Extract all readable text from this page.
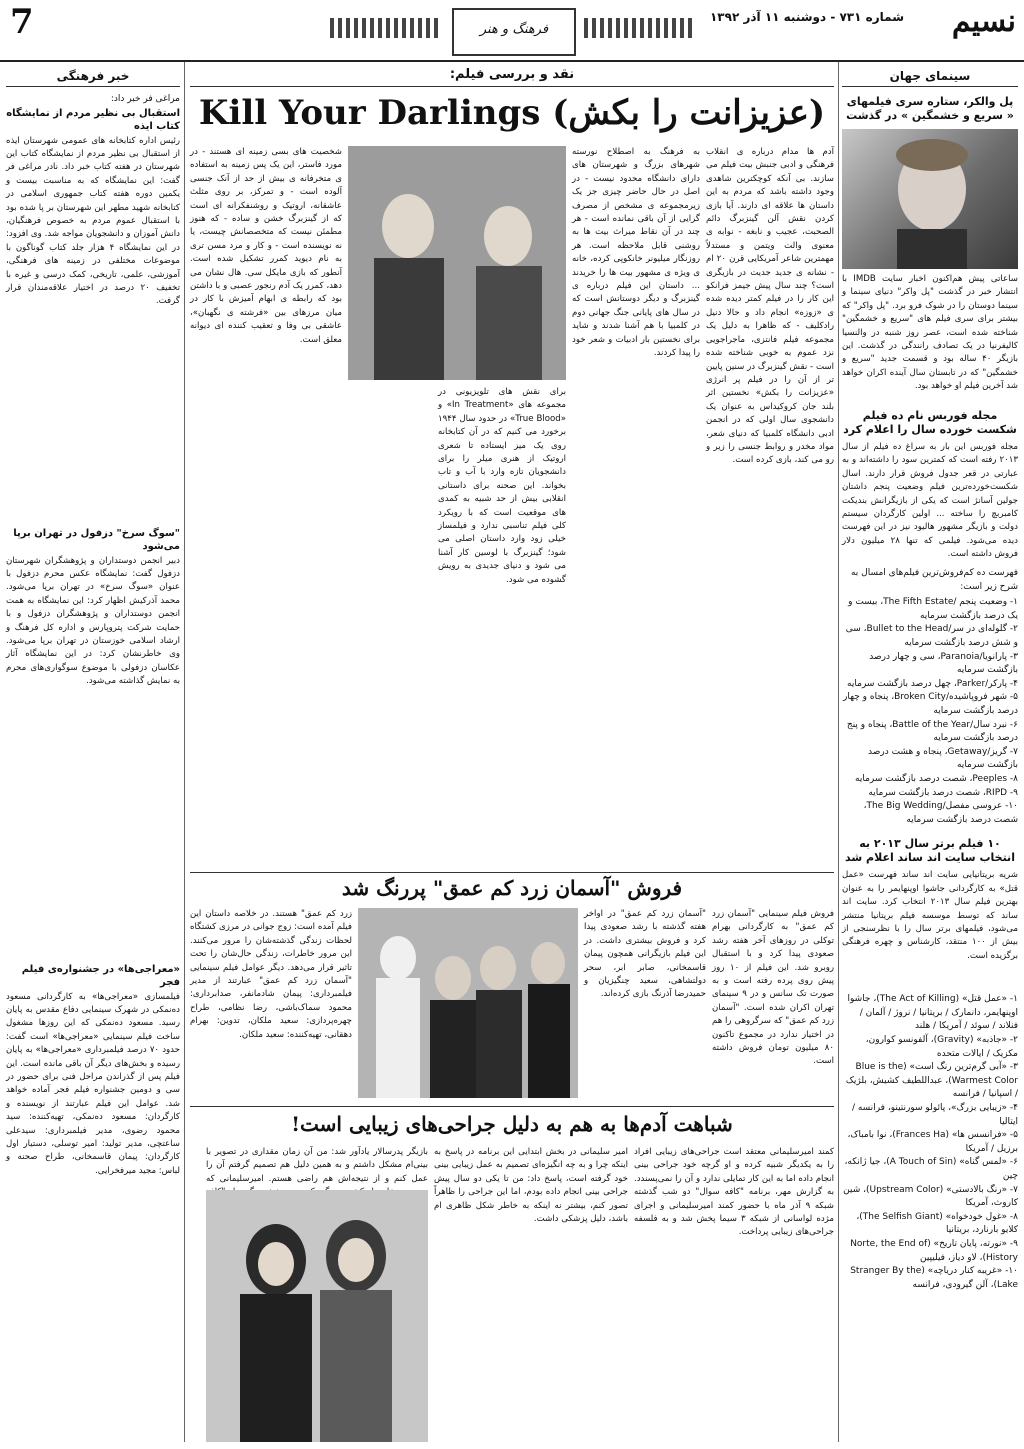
نسیم
شماره ۷۳۱ - دوشنبه ۱۱ آذر ۱۳۹۲
فرهنگ و هنر
7
سینمای جهان
پل والکر، ستاره سری فیلمهای « سریع و خشمگین » در گذشت
ساعاتی پیش هم‌اکنون اخبار سایت IMDB با انتشار خبر در گذشت "پل واکر" دنیای سینما و سینما دوستان را در شوک فرو برد. "پل واکر" که بیشتر برای سری فیلم های "سریع و خشمگین" شناخته شده است، عصر روز شنبه در والنسیا کالیفرنیا در یک تصادف رانندگی در گذشت. این بازیگر ۴۰ ساله بود و قسمت جدید "سریع و خشمگین" که در تابستان سال آینده اکران خواهد شد آخرین فیلم او خواهد بود.
مجله فوربس نام ده فیلم شکست خورده سال را اعلام کرد
مجله فوربس این بار به سراغ ده فیلم از سال ۲۰۱۳ رفته است که کمترین سود را داشته‌اند و به عبارتی در قعر جدول فروش قرار دارند. اسال شکست‌خورده‌ترین فیلم وضعیت پنجم داشتان جولین آسانژ است که یکی از بازیگرانش بندیکت کامبربچ را ساخته ... اولین کارگردان سیستم دولت و بازیگر مشهور هالیود نیز در این فهرست دیده می‌شود. فیلمی که تنها ۲۸ میلیون دلار فروش داشته است.
فهرست ده کم‌فروش‌ترین فیلم‌های امسال به شرح زیر است:
۱- وضعیت پنجم /The Fifth Estate، بیست و یک درصد بازگشت سرمایه
۲- گلوله‌ای در سر/Bullet to the Head، سی و شش درصد بازگشت سرمایه
۳- پارانویا/Paranoia، سی و چهار درصد بازگشت سرمایه
۴- پارکر/Parker، چهل درصد بازگشت سرمایه
۵- شهر فروپاشیده/Broken City، پنجاه و چهار درصد بازگشت سرمایه
۶- نبرد سال/Battle of the Year، پنجاه و پنج درصد بازگشت سرمایه
۷- گریز/Getaway، پنجاه و هشت درصد بازگشت سرمایه
۸- Peeples، شصت درصد بازگشت سرمایه
۹- RIPD، شصت درصد بازگشت سرمایه
۱۰- عروسی مفصل/The Big Wedding، شصت درصد بازگشت سرمایه
۱۰ فیلم برتر سال ۲۰۱۳ به انتخاب سایت اند ساند اعلام شد
شریه بریتانیایی سایت اند ساند فهرست «عمل قتل» به کارگردانی جاشوا اوپنهایمر را به عنوان بهترین فیلم سال ۲۰۱۳ انتخاب کرد. سایت اند ساند که توسط موسسه فیلم بریتانیا منتشر می‌شود، فیلمهای برتر سال را با نظرسنجی از بیش از ۱۰۰ منتقد، کارشناس و چهره فرهنگی برگزیده است.
۱- «عمل قتل» (The Act of Killing)، جاشوا اوپنهایمر، دانمارک / بریتانیا / نروژ / آلمان / فنلاند / سوئد / آمریکا / هلند
۲- «جاذبه» (Gravity)، آلفونسو کوارون، مکزیک / ایالات متحده
۳- «آبی گرم‌ترین رنگ است» (Blue is the Warmest Color)، عبداللطیف کشیش، بلژیک / اسپانیا / فرانسه
۴- «زیبایی بزرگ»، پائولو سورنتینو، فرانسه / ایتالیا
۵- «فرانسس ها» (Frances Ha)، نوا بامباک، برزیل / آمریکا
۶- «لمس گناه» (A Touch of Sin)، جیا ژانکه، چین
۷- «رنگ بالادستی» (Upstream Color)، شین کاروث، آمریکا
۸- «غول خودخواه» (The Selfish Giant)، کلایو بارنارد، بریتانیا
۹- «نورته، پایان تاریخ» (Norte, the End of History)، لاو دیاز، فیلیپین
۱۰- «غریبه کنار دریاچه» (Stranger By the Lake)، آلن گیرودی، فرانسه
نقد و بررسی فیلم:
(عزیزانت را بکش) Kill Your Darlings
آدم ها مدام درباره ی انقلاب فرهنگی و ادبی جنبش بیت فیلم می سازند. بی آنکه کوچکترین شاهدی وجود داشته باشد که مردم به این داستان ها علاقه ای دارند. آیا بازی کردن نقش آلن گینزبرگ دائم الصحبت، عجیب و نابغه - نوابه ی معنوی والت ویتمن و مستدلاً مهمترین شاعر آمریکایی قرن ۲۰ ام - نشانه ی جدید جدیت در بازیگری است؟ چند سال پیش جیمز فرانکو این کار را در فیلم کمتر دیده شده ی «زوزه» انجام داد و حالا دنیل رادکلیف - که ظاهرا به دلیل یک مجموعه فیلم فانتزی، ماجراجویی نزد عموم به خوبی شناخته شده است - نقش گینزبرگ در سنین پایین تر از آن را در فیلم پر انرژی «عزیزانت را بکش» نخستین اثر بلند جان کروکیداس به عنوان یک دانشجوی سال اولی که در انجمن ادبی دانشگاه کلمبیا که دنیای شعر، مواد مخدر و روابط جنسی را زیر و رو می کند، بازی کرده است.
به فرهنگ به اصطلاح نورسته شهرهای بزرگ و شهرستان های دارای دانشگاه محدود نیست - در اصل در حال حاضر چیزی جز یک زیرمجموعه ی مشخص از مصرف گرایی از آن باقی نمانده است - هر چند در آن نقاط میراث بیت ها به روشنی قابل ملاحظه است. هر روزنگار میلیونر خانکوپی کرده، خانه ی ویژه ی مشهور بیت ها را خریدند ... داستان این فیلم درباره ی گینزبرگ و دیگر دوستانش است که در سال های پایانی جنگ جهانی دوم در کلمبیا با هم آشنا شدند و شاید برای نخستین بار ادبیات و شعر خود را پیدا کردند.
برای نقش های تلویزیونی در مجموعه های «In Treatment» و «True Blood» در حدود سال ۱۹۴۴ برخورد می کنیم که در آن کتابخانه روی یک میز ایستاده تا شعری اروتیک از هنری میلر را برای دانشجویان تازه وارد با آب و تاب بخواند. این صحنه برای داستانی انقلابی بیش از حد شبیه به کمدی های موقعیت است که با رویکرد کلی فیلم تناسبی ندارد و فیلمساز خیلی زود وارد داستان اصلی می شود؛ گینزبرگ با لوسین کار آشنا می شود و دنیای جدیدی به رویش گشوده می شود.
شخصیت های بسی زمینه ای هستند - در مورد فاستر، این یک پس زمینه به استفاده ی متخرفانه ی بیش از حد از آنک جنسی آلوده است - و تمرکز، بر روی مثلث عاشقانه، اروتیک و روشنفکرانه ای است که از گینزبرگ خشن و ساده - که هنوز مطمئن نیست که متخصصانش چیست، یا نه نویسنده است - و کار و مرد مسن تری به نام دیوید کمرر تشکیل شده است. آنطور که بازی مایکل سی. هال نشان می دهد، کمرر یک آدم رنجور عصبی و با داشتن بود که رابطه ی ابهام آمیزش با کار در میان مرزهای بین «فرشته ی نگهبان»، عاشقی بی وفا و تعقیب کننده ای دیوانه معلق است.
فروش "آسمان زرد کم عمق" پررنگ شد
فروش فیلم سینمایی "آسمان زرد کم عمق" به کارگردانی بهرام توکلی در روزهای آخر هفته رشد صعودی پیدا کرد و با استقبال روبرو شد. این فیلم از ۱۰ روز پیش روی پرده رفته است و به صورت تک سانس و در ۹ سینمای تهران اکران شده است. "آسمان زرد کم عمق" که سرگروهی را هم در اختیار ندارد در مجموع تاکنون ۸۰ میلیون تومان فروش داشته است.
"آسمان زرد کم عمق" در اواخر هفته گذشته با رشد صعودی پیدا کرد و فروش بیشتری داشت. در این فیلم بازیگرانی همچون پیمان قاسمخانی، صابر ابر، سحر دولتشاهی، سعید چنگیزیان و حمیدرضا آذرنگ بازی کرده‌اند.
زرد کم عمق" هستند. در خلاصه داستان این فیلم آمده است: زوج جوانی در مرزی کشتگاه لحظات زندگی گذشته‌شان را مرور می‌کنند. این مرور خاطرات، زندگی حال‌شان را تحت تاثیر قرار می‌دهد. دیگر عوامل فیلم سینمایی "آسمان زرد کم عمق" عبارتند از مدیر فیلمبرداری: پیمان شادمانفر، صدابرداری: محمود سماک‌باشی، رضا نظامی، طراح چهره‌پردازی: سعید ملکان، تدوین: بهرام دهقانی، تهیه‌کننده: سعید ملکان.
شباهت آدم‌ها به هم به دلیل جراحی‌های زیبایی است!
کمند امیرسلیمانی معتقد است جراحی‌های زیبایی افراد را به یکدیگر شبیه کرده و او گرچه خود جراحی بینی انجام داده اما به این کار تمایلی ندارد و آن را نمی‌پسندد. به گزارش مهر، برنامه "کافه سوال" دو شب گذشته شبکه ۹ آذر ماه با حضور کمند امیرسلیمانی و اجرای مژده لواسانی از شبکه ۳ سیما پخش شد و به فلسفه جراحی‌های زیبایی پرداخت.
امیر سلیمانی در بخش ابتدایی این برنامه در پاسخ به اینکه چرا و به چه انگیزه‌ای تصمیم به عمل زیبایی بینی خود گرفته است، پاسخ داد: من تا یکی دو سال پیش جراحی بینی انجام داده بودم، اما این جراحی را ظاهراً تصور کنم، بیشتر نه اینکه به خاطر شکل ظاهری ام باشد، دلیل پزشکی داشت.
بازیگر پدرسالار یادآور شد: من آن زمان مقداری در تصویر با بینی‌ام مشکل داشتم و به همین دلیل هم تصمیم گرفتم آن را عمل کنم و از نتیجه‌اش هم راضی هستم. امیرسلیمانی که
خبر فرهنگی
مراغی فر خبر داد:
استقبال بی نظیر مردم از نمایشگاه کتاب ایذه
رئیس اداره کتابخانه های عمومی شهرستان ایذه از استقبال بی نظیر مردم از نمایشگاه کتاب این شهرستان در هفته کتاب خبر داد. نادر مراغی فر گفت: این نمایشگاه که به مناسبت بیست و یکمین دوره هفته کتاب جمهوری اسلامی در کتابخانه شهید مطهر این شهرستان بر پا شده بود با استقبال عموم مردم به خصوص فرهنگیان، دانش آموزان و دانشجویان مواجه شد. وی افزود: در این نمایشگاه ۴ هزار جلد کتاب گوناگون با موضوعات مختلفی در زمینه های فرهنگی، آموزشی، علمی، تاریخی، کمک درسی و غیره با تخفیف ۲۰ درصد در اختیار علاقه‌مندان قرار گرفت.
"سوگ سرخ" دزفول در تهران برپا می‌شود
دبیر انجمن دوستداران و پژوهشگران شهرستان دزفول گفت: نمایشگاه عکس محرم دزفول با عنوان «سوگ سرخ» در تهران برپا می‌شود. محمد آذرکیش اظهار کرد: این نمایشگاه به همت انجمن دوستداران و پژوهشگران دزفول و با حمایت شرکت پتروپارس و اداره کل فرهنگ و ارشاد اسلامی خوزستان در تهران برپا می‌شود. وی خاطرنشان کرد: در این نمایشگاه آثار عکاسان دزفولی با موضوع سوگواری‌های محرم به نمایش گذاشته می‌شود.
«معراجی‌ها» در جشنواره‌ی فیلم فجر
فیلمسازی «معراجی‌ها» به کارگردانی مسعود ده‌نمکی در شهرک سینمایی دفاع مقدس به پایان رسید. مسعود ده‌نمکی که این روزها مشغول ساخت فیلم سینمایی «معراجی‌ها» است گفت: حدود ۷۰ درصد فیلمبرداری «معراجی‌ها» به پایان رسیده و بخش‌های دیگر آن باقی مانده است. این فیلم پس از گذراندن مراحل فنی برای حضور در سی و دومین جشنواره فیلم فجر آماده خواهد شد. عوامل این فیلم عبارتند از نویسنده و کارگردان: مسعود ده‌نمکی، تهیه‌کننده: سید محمود رضوی، مدیر فیلمبرداری: سیدعلی ساعتچی، مدیر تولید: امیر توسلی، دستیار اول کارگردان: پیمان قاسمخانی، طراح صحنه و لباس: مجید میرفخرایی.
